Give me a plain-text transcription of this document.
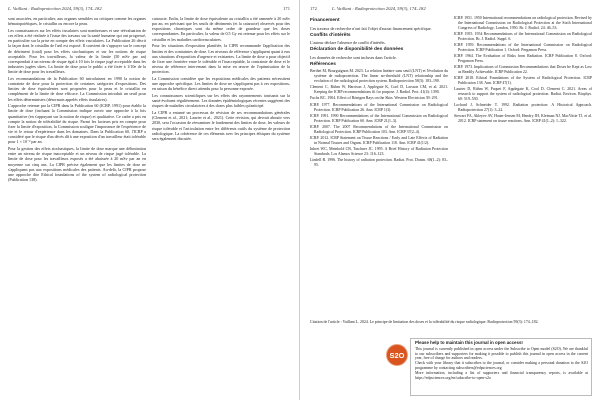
L. Vaillant : Radioprotection 2024, 59(3), 174–182	171

sont associées, en particulier, aux organes sensibles ou critiques comme les organes hématopoïétiques, le cristallin ou encore la peau.

Les connaissances sur les effets tissulaires sont nombreuses et une réévaluation de ces effets a été réalisée à l'issue des travaux sur la santé humaine qui ont progressé, en particulier sur la prise en compte des effets vasculaires. La Publication 26 décrit la façon dont le cristallin de l'œil est exposé. Il convient de s'appuyer sur le concept de détriment (total) pour les effets stochastiques et sur les notions de risque acceptable. Pour les travailleurs, la valeur de la limite (50 mSv par an) correspondait à un niveau de risque égal à 10 fois le risque jugé acceptable dans les industries jugées sûres. La limite de dose pour le public a été fixée à 1/10e de la limite de dose pour les travailleurs.

Les recommandations de la Publication 60 introduisent en 1990 la notion de contrainte de dose pour la protection de certaines catégories d'expositions. Des limites de dose équivalentes sont proposées pour la peau et le cristallin en complément de la limite de dose efficace. La Commission introduit un seuil pour les effets déterministes (désormais appelés effets tissulaires).

L'approche retenue par la CIPR dans la Publication 60 (ICRP, 1991) pour établir la limite de dose (incluant la Commission indique ouvrir une approche à la fois quantitative (en s'appuyant sur la notion de risque) et qualitative. Ce cadre a pris en compte la notion de tolérabilité du risque. Parmi les facteurs pris en compte pour fixer la limite d'exposition, la Commission souligne l'importance de l'expérience de vie et le retour d'expérience dans les domaines. Dans la Publication 60, l'ICRP a considéré que le risque d'un décès dû à une exposition d'un travailleur était tolérable pour 1 × 10⁻³ par an.

Pour la gestion des effets stochastiques, la limite de dose marque une délimitation entre un niveau de risque inacceptable et un niveau de risque jugé tolérable. La limite de dose pour les travailleurs exposés a été abaissée à 20 mSv par an en moyenne sur cinq ans. La CIPR précise également que les limites de dose ne s'appliquent pas aux expositions médicales des patients. Au-delà, la CIPR propose une approche dite Ethical foundations of the system of radiological protection (Publication 138).

cataracte. Enfin, la limite de dose équivalente au cristallin a été ramenée à 20 mSv par an, en précisant que les seuils de détriments (et la cataracte) observés pour des expositions chroniques sont du même ordre de grandeur que les doses correspondantes. En particulier, la valeur de 0,5 Gy est retenue pour les effets sur le cristallin et les maladies cardiovasculaires.

Pour les situations d'exposition planifiée, la CIPR recommande l'application des limites et des contraintes de dose. Les niveaux de référence s'appliquent quant à eux aux situations d'exposition d'urgence et existantes. La limite de dose a pour objectif de fixer une frontière entre le tolérable et l'inacceptable, la contrainte de dose et le niveau de référence intervenant dans la mise en œuvre de l'optimisation de la protection.

La Commission considère que les expositions médicales des patients nécessitent une approche spécifique. Les limites de dose ne s'appliquent pas à ces expositions, en raison du bénéfice direct attendu pour la personne exposée.

Les connaissances scientifiques sur les effets des rayonnements ionisants sur la santé évoluent régulièrement. Les données épidémiologiques récentes suggèrent des risques de maladies circulatoires à des doses plus faibles qu'anticipé.

La CIPR a entamé un processus de révision de ses recommandations générales (Clement et al., 2021; Laurier et al., 2021). Cette révision, qui devrait aboutir vers 2030, sera l'occasion de réexaminer le fondement des limites de dose, les valeurs de risque tolérable et l'articulation entre les différents outils du système de protection radiologique. La cohérence de ces éléments avec les principes éthiques du système sera également discutée.

172	L. Vaillant : Radioprotection 2024, 59(3), 174–182
Financement

Ces travaux de recherche n'ont fait l'objet d'aucun financement spécifique.

Conflits d'intérêts

L'auteur déclare l'absence de conflit d'intérêts.

Déclaration de disponibilité des données

Les données de recherche sont incluses dans l'article.

Références

Berthet M, Bourguignon M. 2023. La relation linéaire sans seuil (LNT) et l'évolution du système de radioprotection. The linear no-threshold (LNT) relationship and the evolution of the radiological protection system. Radioprotection 58(3): 183–190.

Clement C, Rühm W, Harrison J, Applegate K, Cool D, Larsson CM, et al. 2021. Keeping the ICRP recommendations fit for purpose. J. Radiol. Prot. 41(4): 1390.

Fuchs RC. 1904. Effect of Röntgen Rays on the Skin. Western Electrician 39: 291.

ICRP. 1977. Recommendations of the International Commission on Radiological Protection. ICRP Publication 26. Ann. ICRP 1(3).

ICRP. 1991. 1990 Recommendations of the International Commission on Radiological Protection. ICRP Publication 60. Ann. ICRP 21(1–3).

ICRP. 2007. The 2007 Recommendations of the International Commission on Radiological Protection. ICRP Publication 103. Ann. ICRP 37(2–4).

ICRP. 2012. ICRP Statement on Tissue Reactions / Early and Late Effects of Radiation in Normal Tissues and Organs. ICRP Publication 118. Ann. ICRP 41(1/2).

Inkret WC, Meinhold CB, Taschner JC. 1995. A Brief History of Radiation Protection Standards. Los Alamos Science 23: 116–123.

Lindell B. 1996. The history of radiation protection. Radiat. Prot. Dosim. 68(1–2): 83–95.

ICRP. 1951. 1950 International recommendations on radiological protection. Revised by the International Commission on Radiological Protection at the Sixth International Congress of Radiology, London, 1950. Br. J. Radiol. 24: 46–53.

ICRP. 1955. 1954 Recommendations of the International Commission on Radiological Protection. Br. J. Radiol. Suppl. 6.

ICRP. 1959. Recommendations of the International Commission on Radiological Protection. ICRP Publication 1. Oxford: Pergamon Press.

ICRP. 1964. The Evaluation of Risks from Radiation. ICRP Publication 8. Oxford: Pergamon Press.

ICRP. 1973. Implications of Commission Recommendations that Doses be Kept as Low as Readily Achievable. ICRP Publication 22.

ICRP. 2018. Ethical Foundations of the System of Radiological Protection. ICRP Publication 138. Ann. ICRP 47(1).

Laurier D, Rühm W, Paquet F, Applegate K, Cool D, Clement C. 2021. Areas of research to support the system of radiological protection. Radiat. Environ. Biophys. 60: 519–530.

Lochard J, Schneider T. 1992. Radiation protection: A Historical Approach. Radioprotection 27(1): 3–22.

Stewart FA, Akleyev AV, Hauer-Jensen M, Hendry JH, Kleiman NJ, MacVittie TJ, et al. 2012. ICRP statement on tissue reactions. Ann. ICRP 41(1–2): 1–322.

Citation de l'article : Vaillant L. 2024. Le principe de limitation des doses et la tolérabilité du risque radiologique. Radioprotection 59(3): 174–182.
S2O
Please help to maintain this journal in open access!
This journal is currently published in open access under the Subscribe to Open model (S2O). We are thankful to our subscribers and supporters for making it possible to publish this journal in open access in the current year, free of charge for authors and readers.
Check with your library that it subscribes to the journal, or consider making a personal donation to the S2O programme by contacting subscribers@edpsciences.org
More information, including a list of supporters and financial transparency reports, is available at https://edpsciences.org/en/subscribe-to-open-s2o
